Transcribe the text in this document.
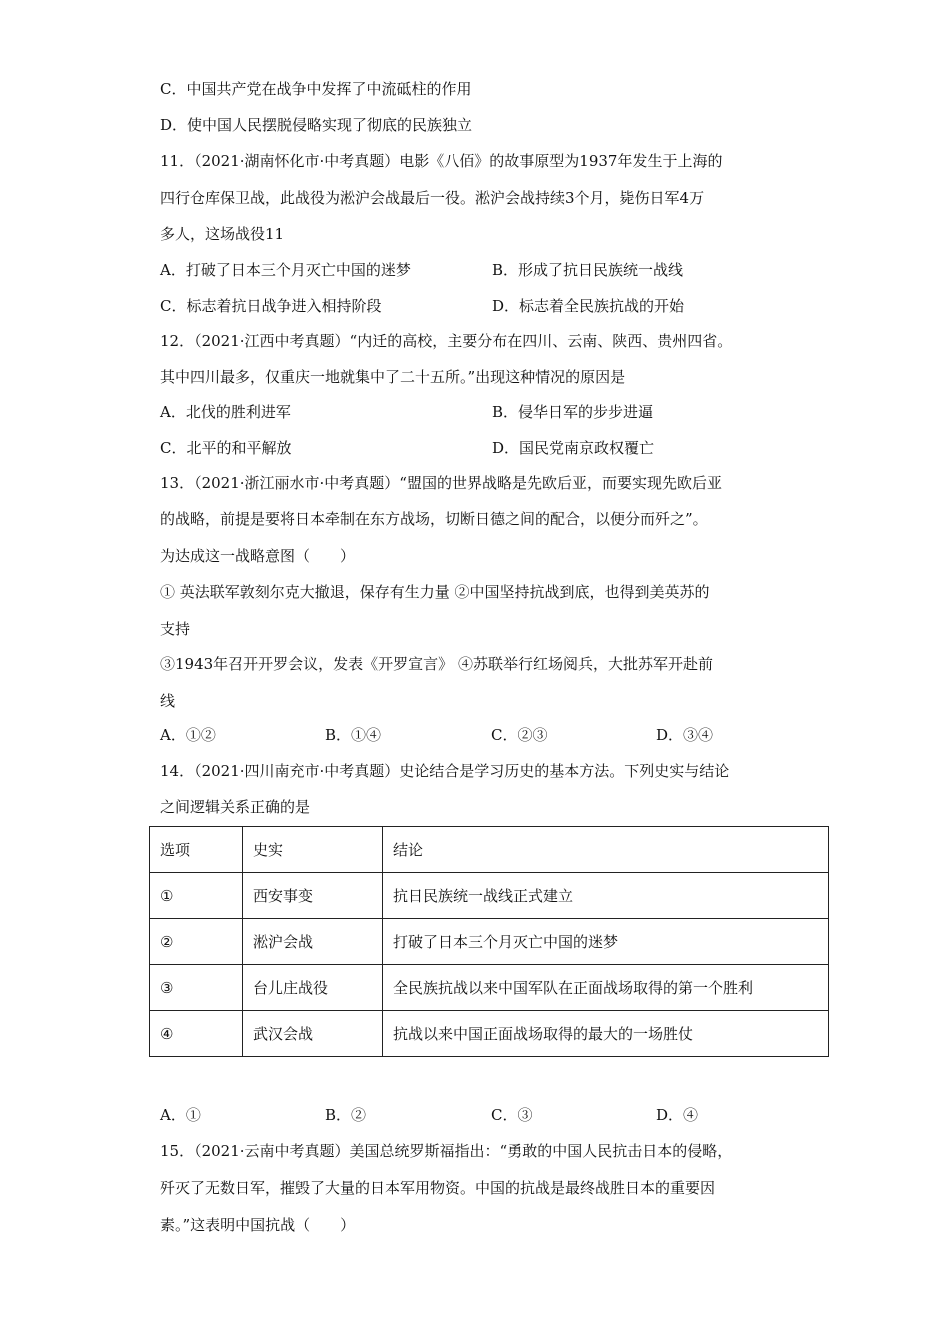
C．中国共产党在战争中发挥了中流砥柱的作用
D．使中国人民摆脱侵略实现了彻底的民族独立
11．（2021·湖南怀化市·中考真题）电影《八佰》的故事原型为1937年发生于上海的
四行仓库保卫战，此战役为淞沪会战最后一役。淞沪会战持续3个月，毙伤日军4万
多人，这场战役11
A．打破了日本三个月灭亡中国的迷梦	B．形成了抗日民族统一战线
C．标志着抗日战争进入相持阶段	D．标志着全民族抗战的开始
12．（2021·江西中考真题）“内迁的高校，主要分布在四川、云南、陕西、贵州四省。
其中四川最多，仅重庆一地就集中了二十五所。”出现这种情况的原因是
A．北伐的胜利进军	B．侵华日军的步步进逼
C．北平的和平解放	D．国民党南京政权覆亡
13．（2021·浙江丽水市·中考真题）“盟国的世界战略是先欧后亚，而要实现先欧后亚
的战略，前提是要将日本牵制在东方战场，切断日德之间的配合，以便分而歼之”。
为达成这一战略意图（　　）
① 英法联军敦刻尔克大撤退，保存有生力量 ②中国坚持抗战到底，也得到美英苏的
支持
③1943年召开开罗会议，发表《开罗宣言》 ④苏联举行红场阅兵，大批苏军开赴前
线
A．①②	B．①④	C．②③	D．③④
14．（2021·四川南充市·中考真题）史论结合是学习历史的基本方法。下列史实与结论
之间逻辑关系正确的是
选项	史实	结论
①	西安事变	抗日民族统一战线正式建立
②	淞沪会战	打破了日本三个月灭亡中国的迷梦
③	台儿庄战役	全民族抗战以来中国军队在正面战场取得的第一个胜利
④	武汉会战	抗战以来中国正面战场取得的最大的一场胜仗
A．①	B．②	C．③	D．④
15．（2021·云南中考真题）美国总统罗斯福指出：“勇敢的中国人民抗击日本的侵略，
歼灭了无数日军，摧毁了大量的日本军用物资。中国的抗战是最终战胜日本的重要因
素。”这表明中国抗战（　　）
